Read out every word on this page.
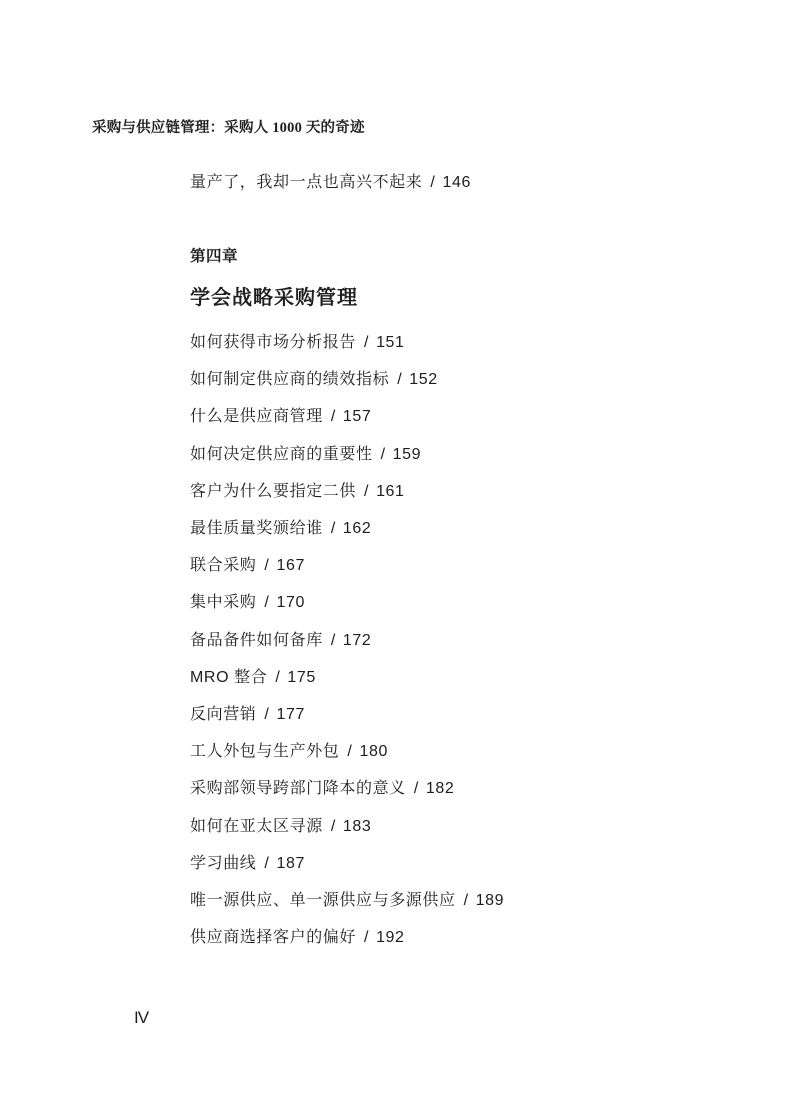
采购与供应链管理：采购人 1000 天的奇迹
量产了，我却一点也高兴不起来 / 146
第四章
学会战略采购管理
如何获得市场分析报告 / 151
如何制定供应商的绩效指标 / 152
什么是供应商管理 / 157
如何决定供应商的重要性 / 159
客户为什么要指定二供 / 161
最佳质量奖颁给谁 / 162
联合采购 / 167
集中采购 / 170
备品备件如何备库 / 172
MRO 整合 / 175
反向营销 / 177
工人外包与生产外包 / 180
采购部领导跨部门降本的意义 / 182
如何在亚太区寻源 / 183
学习曲线 / 187
唯一源供应、单一源供应与多源供应 / 189
供应商选择客户的偏好 / 192
IV
